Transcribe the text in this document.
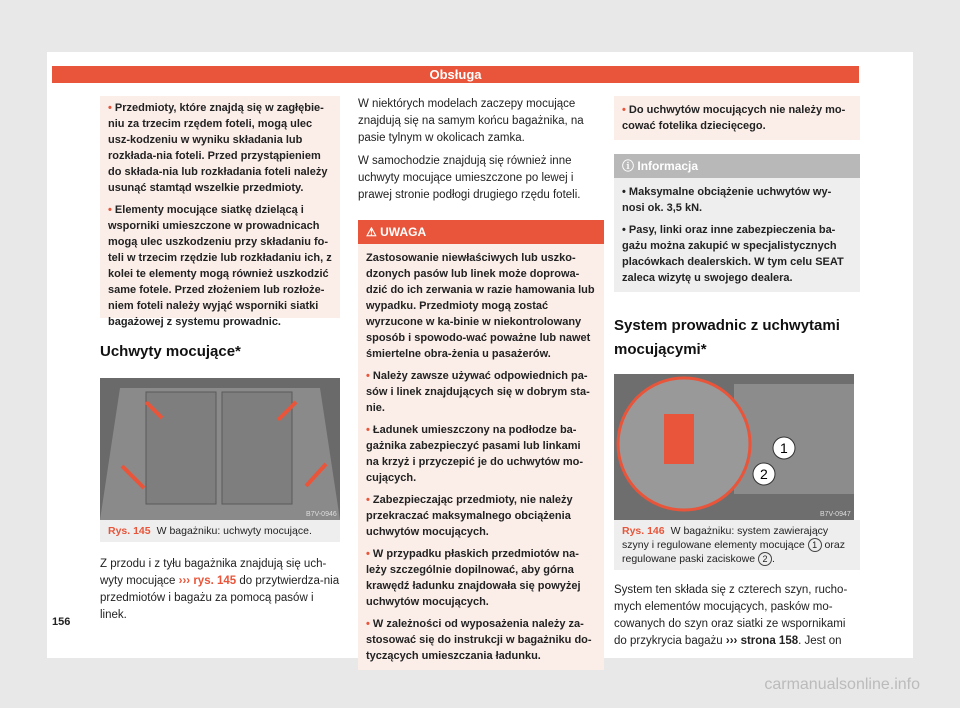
Obsługa

• Przedmioty, które znajdą się w zagłębie-niu za trzecim rzędem foteli, mogą ulec usz-kodzeniu w wyniku składania lub rozkłada-nia foteli. Przed przystąpieniem do składa-nia lub rozkładania foteli należy usunąć stamtąd wszelkie przedmioty.

• Elementy mocujące siatkę dzielącą i wsporniki umieszczone w prowadnicach mogą ulec uszkodzeniu przy składaniu fo-teli w trzecim rzędzie lub rozkładaniu ich, z kolei te elementy mogą również uszkodzić same fotele. Przed złożeniem lub rozłoże-niem foteli należy wyjąć wsporniki siatki bagażowej z systemu prowadnic.

Uchwyty mocujące*
B7V-0946
Rys. 145 W bagażniku: uchwyty mocujące.
Z przodu i z tyłu bagażnika znajdują się uch-wyty mocujące ››› rys. 145 do przytwierdza-nia przedmiotów i bagażu za pomocą pasów i linek.
W niektórych modelach zaczepy mocujące znajdują się na samym końcu bagażnika, na pasie tylnym w okolicach zamka.
W samochodzie znajdują się również inne uchwyty mocujące umieszczone po lewej i prawej stronie podłogi drugiego rzędu foteli.
⚠ UWAGA

Zastosowanie niewłaściwych lub uszko-dzonych pasów lub linek może doprowa-dzić do ich zerwania w razie hamowania lub wypadku. Przedmioty mogą zostać wyrzucone w ka-binie w niekontrolowany sposób i spowodo-wać poważne lub nawet śmiertelne obra-żenia u pasażerów.

• Należy zawsze używać odpowiednich pa-sów i linek znajdujących się w dobrym sta-nie.

• Ładunek umieszczony na podłodze ba-gażnika zabezpieczyć pasami lub linkami na krzyż i przyczepić je do uchwytów mo-cujących.

• Zabezpieczając przedmioty, nie należy przekraczać maksymalnego obciążenia uchwytów mocujących.

• W przypadku płaskich przedmiotów na-leży szczególnie dopilnować, aby górna krawędź ładunku znajdowała się powyżej uchwytów mocujących.

• W zależności od wyposażenia należy za-stosować się do instrukcji w bagażniku do-tyczących umieszczania ładunku.

• Do uchwytów mocujących nie należy mo-cować fotelika dziecięcego.
ⓘ Informacja
• Maksymalne obciążenie uchwytów wy-nosi ok. 3,5 kN.
• Pasy, linki oraz inne zabezpieczenia ba-gażu można zakupić w specjalistycznych placówkach dealerskich. W tym celu SEAT zaleca wizytę u swojego dealera.
System prowadnic z uchwytami mocującymi*
1
2
B7V-0947
Rys. 146 W bagażniku: system zawierający szyny i regulowane elementy mocujące 1 oraz regulowane paski zaciskowe 2 .
System ten składa się z czterech szyn, rucho-mych elementów mocujących, pasków mo-cowanych do szyn oraz siatki ze wspornikami do przykrycia bagażu ››› strona 158. Jest on
156
carmanualsonline.info
